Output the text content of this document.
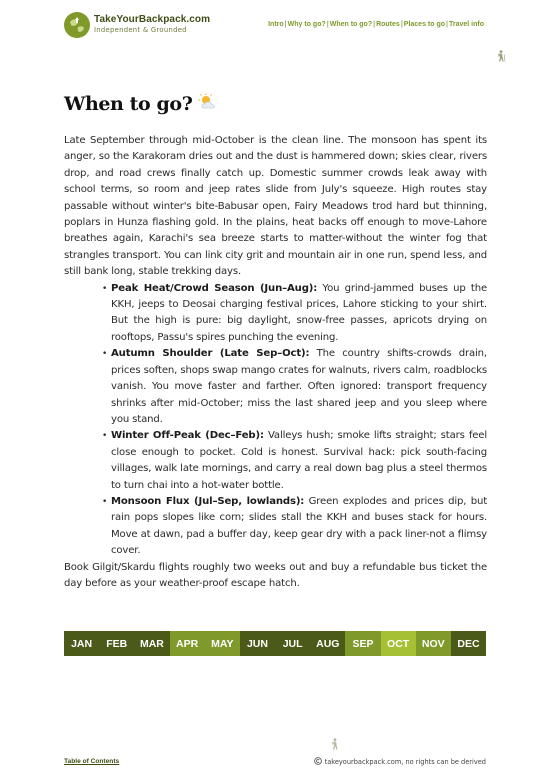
TakeYourBackpack.com
Independent & Grounded
Intro | Why to go? | When to go? | Routes | Places to go | Travel info
When to go?

Late September through mid-October is the clean line. The monsoon has spent its anger, so the Karakoram dries out and the dust is hammered down; skies clear, rivers drop, and road crews finally catch up. Domestic summer crowds leak away with school terms, so room and jeep rates slide from July's squeeze. High routes stay passable without winter's bite-Babusar open, Fairy Meadows trod hard but thinning, poplars in Hunza flashing gold. In the plains, heat backs off enough to move-Lahore breathes again, Karachi's sea breeze starts to matter-without the winter fog that strangles transport. You can link city grit and mountain air in one run, spend less, and still bank long, stable trekking days.

• Peak Heat/Crowd Season (Jun–Aug): You grind-jammed buses up the KKH, jeeps to Deosai charging festival prices, Lahore sticking to your shirt. But the high is pure: big daylight, snow-free passes, apricots drying on rooftops, Passu's spires punching the evening.
• Autumn Shoulder (Late Sep–Oct): The country shifts-crowds drain, prices soften, shops swap mango crates for walnuts, rivers calm, roadblocks vanish. You move faster and farther. Often ignored: transport frequency shrinks after mid-October; miss the last shared jeep and you sleep where you stand.
• Winter Off-Peak (Dec–Feb): Valleys hush; smoke lifts straight; stars feel close enough to pocket. Cold is honest. Survival hack: pick south-facing villages, walk late mornings, and carry a real down bag plus a steel thermos to turn chai into a hot-water bottle.
• Monsoon Flux (Jul–Sep, lowlands): Green explodes and prices dip, but rain pops slopes like corn; slides stall the KKH and buses stack for hours. Move at dawn, pad a buffer day, keep gear dry with a pack liner-not a flimsy cover.

Book Gilgit/Skardu flights roughly two weeks out and buy a refundable bus ticket the day before as your weather-proof escape hatch.

JAN	FEB	MAR	APR	MAY	JUN	JUL	AUG	SEP	OCT	NOV	DEC
Table of Contents	takeyourbackpack.com, no rights can be derived
